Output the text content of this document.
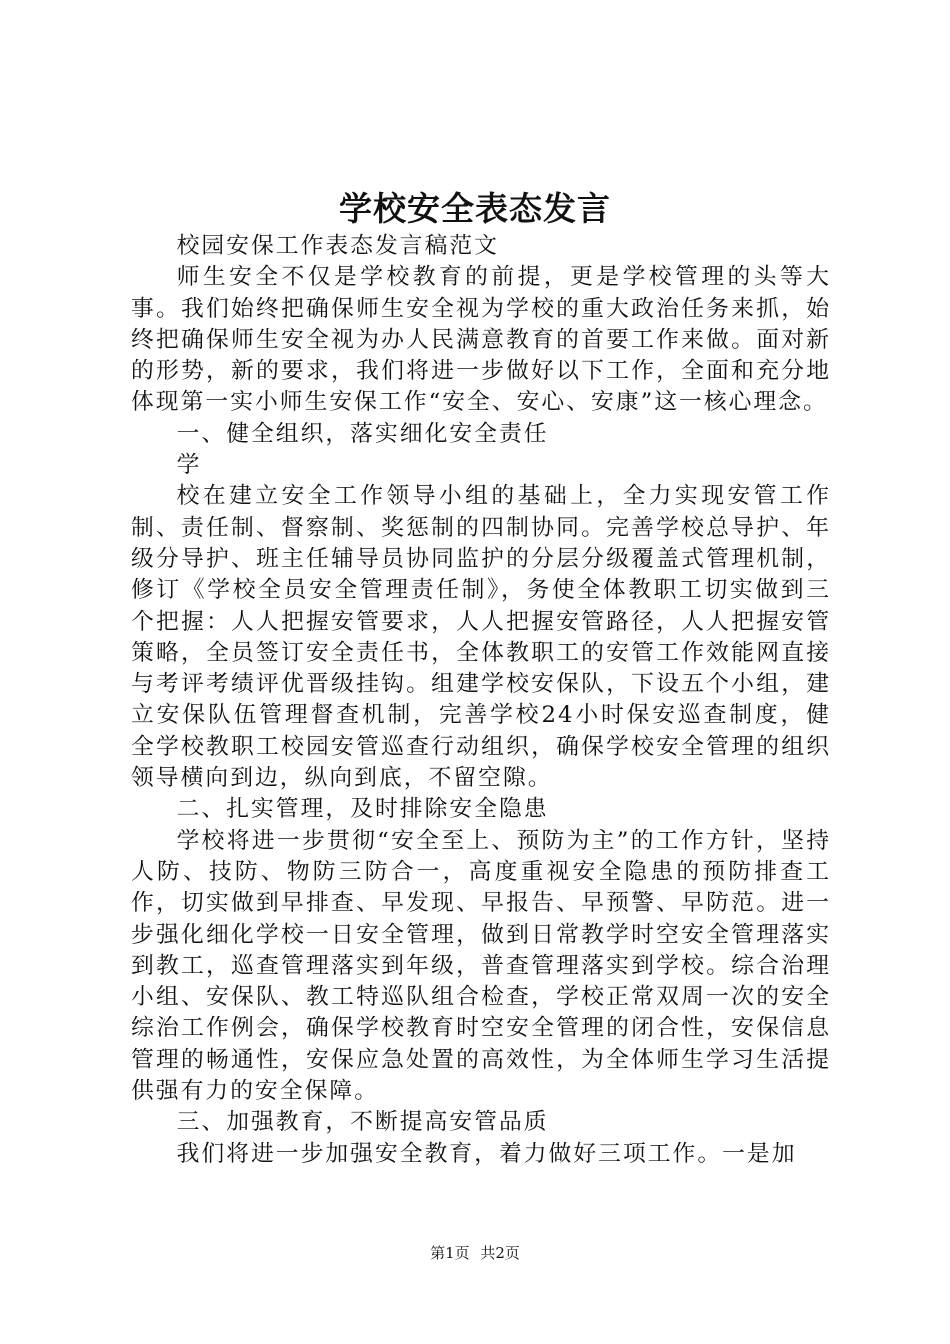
学校安全表态发言

校园安保工作表态发言稿范文

师生安全不仅是学校教育的前提，更是学校管理的头等大事。我们始终把确保师生安全视为学校的重大政治任务来抓，始终把确保师生安全视为办人民满意教育的首要工作来做。面对新的形势，新的要求，我们将进一步做好以下工作，全面和充分地体现第一实小师生安保工作“安全、安心、安康”这一核心理念。

一、健全组织，落实细化安全责任

学

校在建立安全工作领导小组的基础上，全力实现安管工作制、责任制、督察制、奖惩制的四制协同。完善学校总导护、年级分导护、班主任辅导员协同监护的分层分级覆盖式管理机制，修订《学校全员安全管理责任制》，务使全体教职工切实做到三个把握：人人把握安管要求，人人把握安管路径，人人把握安管策略，全员签订安全责任书，全体教职工的安管工作效能网直接与考评考绩评优晋级挂钩。组建学校安保队，下设五个小组，建立安保队伍管理督查机制，完善学校24小时保安巡查制度，健全学校教职工校园安管巡查行动组织，确保学校安全管理的组织领导横向到边，纵向到底，不留空隙。

二、扎实管理，及时排除安全隐患

学校将进一步贯彻“安全至上、预防为主”的工作方针，坚持人防、技防、物防三防合一，高度重视安全隐患的预防排查工作，切实做到早排查、早发现、早报告、早预警、早防范。进一步强化细化学校一日安全管理，做到日常教学时空安全管理落实到教工，巡查管理落实到年级，普查管理落实到学校。综合治理小组、安保队、教工特巡队组合检查，学校正常双周一次的安全综治工作例会，确保学校教育时空安全管理的闭合性，安保信息管理的畅通性，安保应急处置的高效性，为全体师生学习生活提供强有力的安全保障。

三、加强教育，不断提高安管品质

我们将进一步加强安全教育，着力做好三项工作。一是加

第1页 共2页
